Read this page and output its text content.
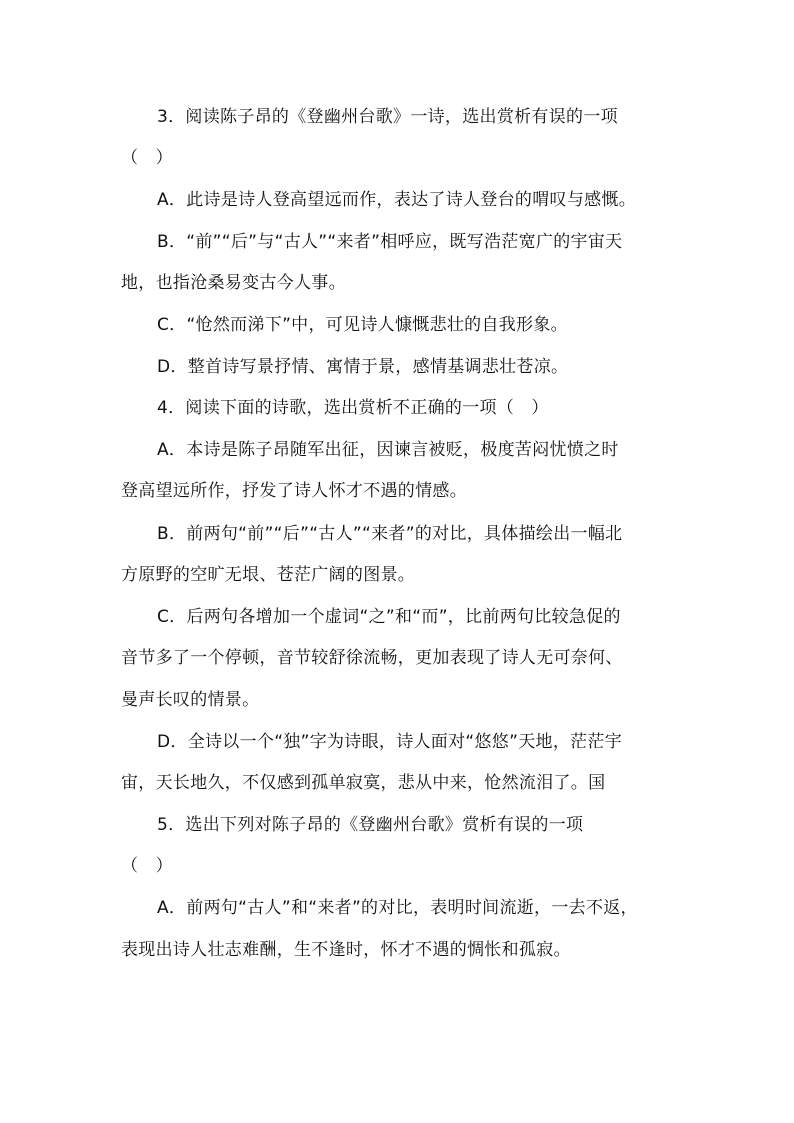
3．阅读陈子昂的《登幽州台歌》一诗，选出赏析有误的一项
（　）
A．此诗是诗人登高望远而作，表达了诗人登台的喟叹与感慨。
B．“前”“后”与“古人”“来者”相呼应，既写浩茫宽广的宇宙天
地，也指沧桑易变古今人事。
C．“怆然而涕下”中，可见诗人慷慨悲壮的自我形象。
D．整首诗写景抒情、寓情于景，感情基调悲壮苍凉。
4．阅读下面的诗歌，选出赏析不正确的一项（　）
A．本诗是陈子昂随军出征，因谏言被贬，极度苦闷忧愤之时
登高望远所作，抒发了诗人怀才不遇的情感。
B．前两句“前”“后”“古人”“来者”的对比，具体描绘出一幅北
方原野的空旷无垠、苍茫广阔的图景。
C．后两句各增加一个虚词“之”和“而”，比前两句比较急促的
音节多了一个停顿，音节较舒徐流畅，更加表现了诗人无可奈何、
曼声长叹的情景。
D．全诗以一个“独”字为诗眼，诗人面对“悠悠”天地，茫茫宇
宙，天长地久，不仅感到孤单寂寞，悲从中来，怆然流泪了。国
5．选出下列对陈子昂的《登幽州台歌》赏析有误的一项
（　）
A．前两句“古人”和“来者”的对比，表明时间流逝，一去不返，
表现出诗人壮志难酬，生不逢时，怀才不遇的惆怅和孤寂。
